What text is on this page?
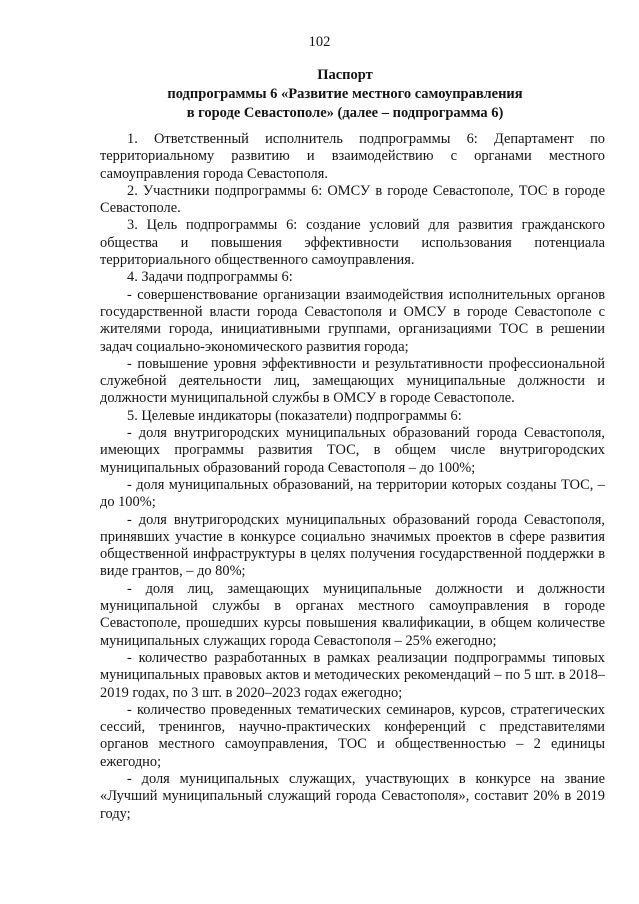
102
Паспорт
подпрограммы 6 «Развитие местного самоуправления
в городе Севастополе» (далее – подпрограмма 6)

1. Ответственный исполнитель подпрограммы 6: Департамент по территориальному развитию и взаимодействию с органами местного самоуправления города Севастополя.

2. Участники подпрограммы 6: ОМСУ в городе Севастополе, ТОС в городе Севастополе.

3. Цель подпрограммы 6: создание условий для развития гражданского общества и повышения эффективности использования потенциала территориального общественного самоуправления.

4. Задачи подпрограммы 6:

- совершенствование организации взаимодействия исполнительных органов государственной власти города Севастополя и ОМСУ в городе Севастополе с жителями города, инициативными группами, организациями ТОС в решении задач социально-экономического развития города;

- повышение уровня эффективности и результативности профессиональной служебной деятельности лиц, замещающих муниципальные должности и должности муниципальной службы в ОМСУ в городе Севастополе.

5. Целевые индикаторы (показатели) подпрограммы 6:

- доля внутригородских муниципальных образований города Севастополя, имеющих программы развития ТОС, в общем числе внутригородских муниципальных образований города Севастополя – до 100%;

- доля муниципальных образований, на территории которых созданы ТОС, – до 100%;

- доля внутригородских муниципальных образований города Севастополя, принявших участие в конкурсе социально значимых проектов в сфере развития общественной инфраструктуры в целях получения государственной поддержки в виде грантов, – до 80%;

- доля лиц, замещающих муниципальные должности и должности муниципальной службы в органах местного самоуправления в городе Севастополе, прошедших курсы повышения квалификации, в общем количестве муниципальных служащих города Севастополя – 25% ежегодно;

- количество разработанных в рамках реализации подпрограммы типовых муниципальных правовых актов и методических рекомендаций – по 5 шт. в 2018–2019 годах, по 3 шт. в 2020–2023 годах ежегодно;

- количество проведенных тематических семинаров, курсов, стратегических сессий, тренингов, научно-практических конференций с представителями органов местного самоуправления, ТОС и общественностью – 2 единицы ежегодно;

- доля муниципальных служащих, участвующих в конкурсе на звание «Лучший муниципальный служащий города Севастополя», составит 20% в 2019 году;
